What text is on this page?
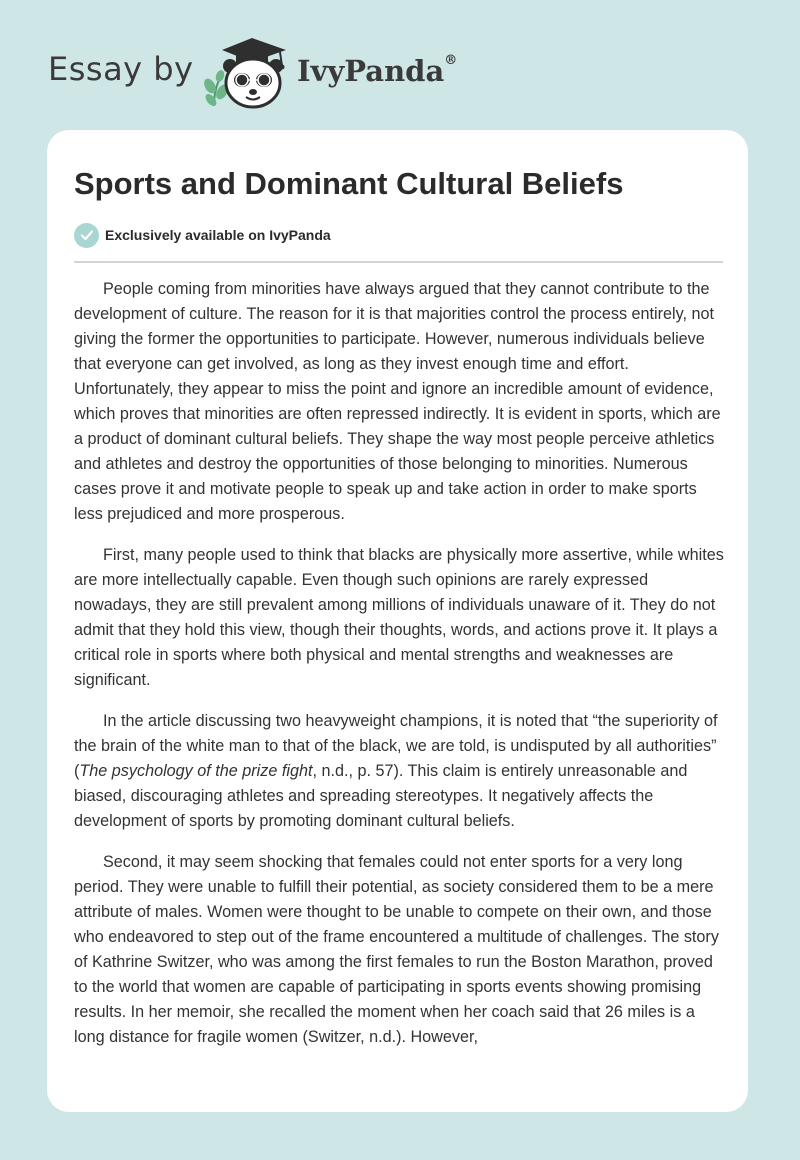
Essay by	IvyPanda®
Sports and Dominant Cultural Beliefs
Exclusively available on IvyPanda

People coming from minorities have always argued that they cannot contribute to the development of culture. The reason for it is that majorities control the process entirely, not giving the former the opportunities to participate. However, numerous individuals believe that everyone can get involved, as long as they invest enough time and effort. Unfortunately, they appear to miss the point and ignore an incredible amount of evidence, which proves that minorities are often repressed indirectly. It is evident in sports, which are a product of dominant cultural beliefs. They shape the way most people perceive athletics and athletes and destroy the opportunities of those belonging to minorities. Numerous cases prove it and motivate people to speak up and take action in order to make sports less prejudiced and more prosperous.

First, many people used to think that blacks are physically more assertive, while whites are more intellectually capable. Even though such opinions are rarely expressed nowadays, they are still prevalent among millions of individuals unaware of it. They do not admit that they hold this view, though their thoughts, words, and actions prove it. It plays a critical role in sports where both physical and mental strengths and weaknesses are significant.

In the article discussing two heavyweight champions, it is noted that “the superiority of the brain of the white man to that of the black, we are told, is undisputed by all authorities” (The psychology of the prize fight, n.d., p. 57). This claim is entirely unreasonable and biased, discouraging athletes and spreading stereotypes. It negatively affects the development of sports by promoting dominant cultural beliefs.

Second, it may seem shocking that females could not enter sports for a very long period. They were unable to fulfill their potential, as society considered them to be a mere attribute of males. Women were thought to be unable to compete on their own, and those who endeavored to step out of the frame encountered a multitude of challenges. The story of Kathrine Switzer, who was among the first females to run the Boston Marathon, proved to the world that women are capable of participating in sports events showing promising results. In her memoir, she recalled the moment when her coach said that 26 miles is a long distance for fragile women (Switzer, n.d.). However,
